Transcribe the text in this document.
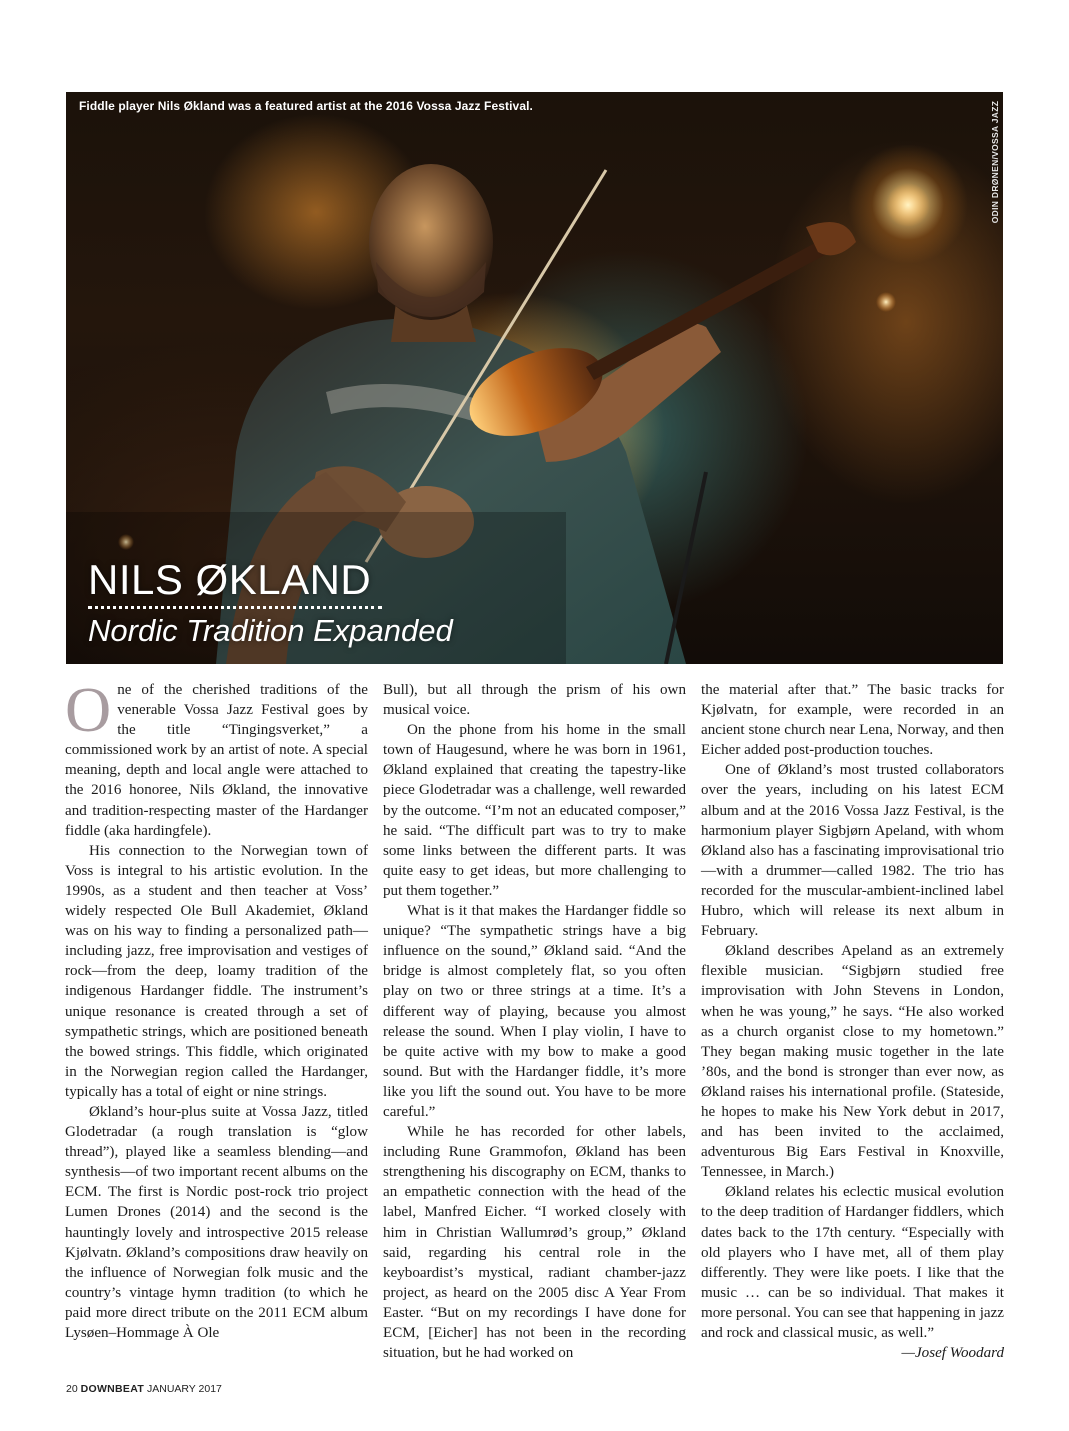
Fiddle player Nils Økland was a featured artist at the 2016 Vossa Jazz Festival.	ODIN DRØNEN/VOSSA JAZZ
NILS ØKLAND
Nordic Tradition Expanded

One of the cherished traditions of the venerable Vossa Jazz Festival goes by the title “Tingingsverket,” a commissioned work by an artist of note. A special meaning, depth and local angle were attached to the 2016 honoree, Nils Økland, the innovative and tradition-respecting master of the Hardanger fiddle (aka hardingfele).

His connection to the Norwegian town of Voss is integral to his artistic evolution. In the 1990s, as a student and then teacher at Voss’ widely respected Ole Bull Akademiet, Økland was on his way to finding a personalized path—including jazz, free improvisation and vestiges of rock—from the deep, loamy tradition of the indigenous Hardanger fiddle. The instrument’s unique resonance is created through a set of sympathetic strings, which are positioned beneath the bowed strings. This fiddle, which originated in the Norwegian region called the Hardanger, typically has a total of eight or nine strings.

Økland’s hour-plus suite at Vossa Jazz, titled Glodetradar (a rough translation is “glow thread”), played like a seamless blending—and synthesis—of two important recent albums on the ECM. The first is Nordic post-rock trio project Lumen Drones (2014) and the second is the hauntingly lovely and introspective 2015 release Kjølvatn. Økland’s compositions draw heavily on the influence of Norwegian folk music and the country’s vintage hymn tradition (to which he paid more direct tribute on the 2011 ECM album Lysøen–Hommage À Ole

Bull), but all through the prism of his own musical voice.

On the phone from his home in the small town of Haugesund, where he was born in 1961, Økland explained that creating the tapestry-like piece Glodetradar was a challenge, well rewarded by the outcome. “I’m not an educated composer,” he said. “The difficult part was to try to make some links between the different parts. It was quite easy to get ideas, but more challenging to put them together.”

What is it that makes the Hardanger fiddle so unique? “The sympathetic strings have a big influence on the sound,” Økland said. “And the bridge is almost completely flat, so you often play on two or three strings at a time. It’s a different way of playing, because you almost release the sound. When I play violin, I have to be quite active with my bow to make a good sound. But with the Hardanger fiddle, it’s more like you lift the sound out. You have to be more careful.”

While he has recorded for other labels, including Rune Grammofon, Økland has been strengthening his discography on ECM, thanks to an empathetic connection with the head of the label, Manfred Eicher. “I worked closely with him in Christian Wallumrød’s group,” Økland said, regarding his central role in the keyboardist’s mystical, radiant chamber-jazz project, as heard on the 2005 disc A Year From Easter. “But on my recordings I have done for ECM, [Eicher] has not been in the recording situation, but he had worked on

the material after that.” The basic tracks for Kjølvatn, for example, were recorded in an ancient stone church near Lena, Norway, and then Eicher added post-production touches.

One of Økland’s most trusted collaborators over the years, including on his latest ECM album and at the 2016 Vossa Jazz Festival, is the harmonium player Sigbjørn Apeland, with whom Økland also has a fascinating improvisational trio—with a drummer—called 1982. The trio has recorded for the muscular-ambient-inclined label Hubro, which will release its next album in February.

Økland describes Apeland as an extremely flexible musician. “Sigbjørn studied free improvisation with John Stevens in London, when he was young,” he says. “He also worked as a church organist close to my hometown.” They began making music together in the late ’80s, and the bond is stronger than ever now, as Økland raises his international profile. (Stateside, he hopes to make his New York debut in 2017, and has been invited to the acclaimed, adventurous Big Ears Festival in Knoxville, Tennessee, in March.)

Økland relates his eclectic musical evolution to the deep tradition of Hardanger fiddlers, which dates back to the 17th century. “Especially with old players who I have met, all of them play differently. They were like poets. I like that the music … can be so individual. That makes it more personal. You can see that happening in jazz and rock and classical music, as well.”
—Josef Woodard

20 DOWNBEAT JANUARY 2017
